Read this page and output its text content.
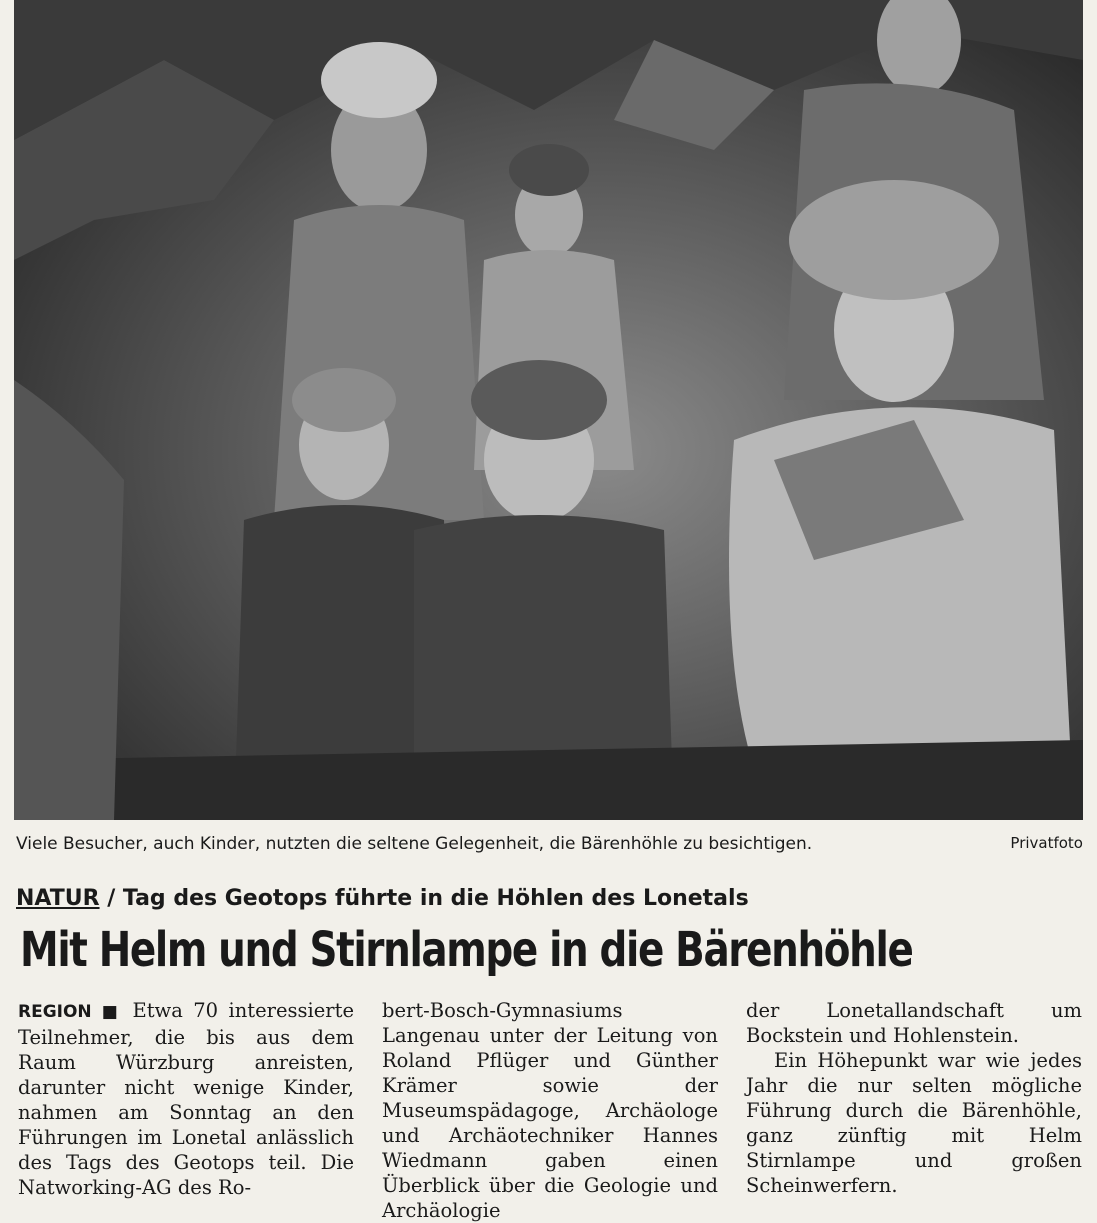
Viele Besucher, auch Kinder, nutzten die seltene Gelegenheit, die Bärenhöhle zu besichtigen.	Privatfoto
NATUR / Tag des Geotops führte in die Höhlen des Lonetals
Mit Helm und Stirnlampe in die Bärenhöhle

REGION ■ Etwa 70 interessierte Teilnehmer, die bis aus dem Raum Würzburg anreisten, darunter nicht wenige Kinder, nahmen am Sonntag an den Führungen im Lonetal anlässlich des Tags des Geotops teil. Die Natworking-AG des Ro-

bert-Bosch-Gymnasiums Langenau unter der Leitung von Roland Pflüger und Günther Krämer sowie der Museumspädagoge, Archäologe und Archäotechniker Hannes Wiedmann gaben einen Überblick über die Geologie und Archäologie

der Lonetallandschaft um Bockstein und Hohlenstein.

Ein Höhepunkt war wie jedes Jahr die nur selten mögliche Führung durch die Bärenhöhle, ganz zünftig mit Helm Stirnlampe und großen Scheinwerfern.
